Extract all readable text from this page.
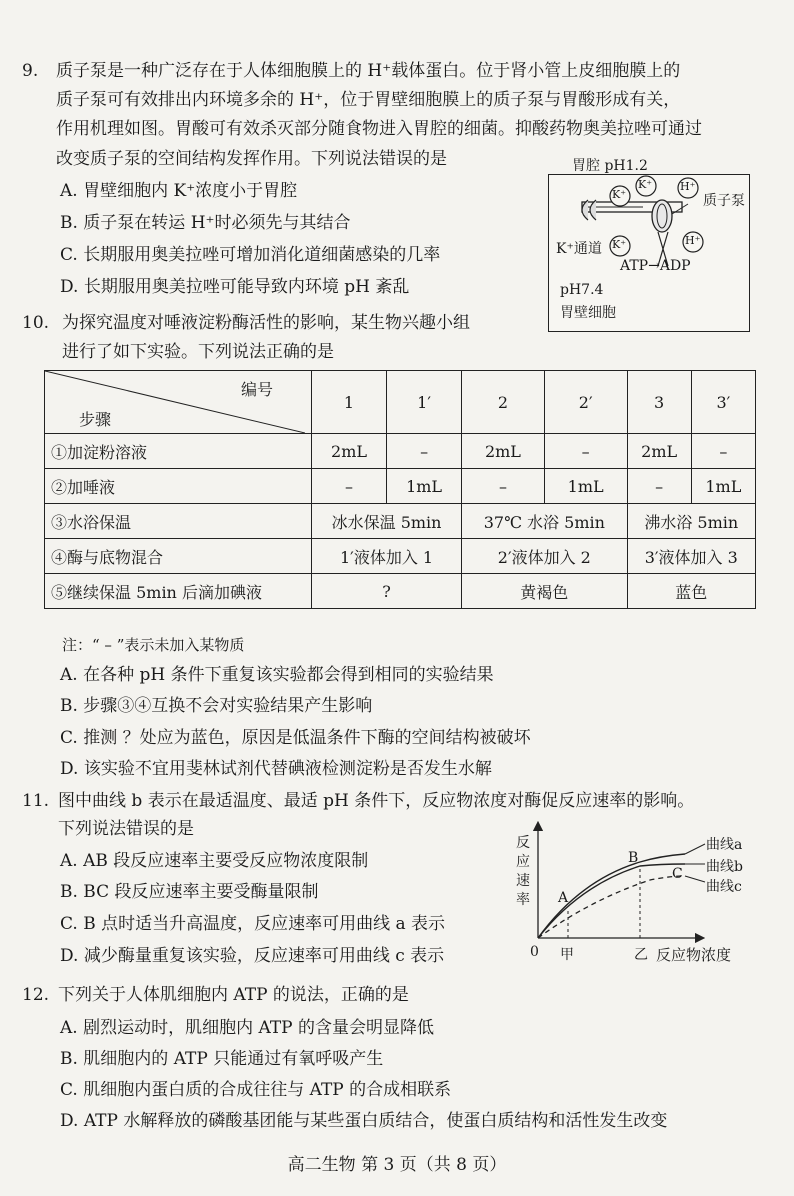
9. 质子泵是一种广泛存在于人体细胞膜上的 H⁺载体蛋白。位于肾小管上皮细胞膜上的
质子泵可有效排出内环境多余的 H⁺，位于胃壁细胞膜上的质子泵与胃酸形成有关，
作用机理如图。胃酸可有效杀灭部分随食物进入胃腔的细菌。抑酸药物奥美拉唑可通过
改变质子泵的空间结构发挥作用。下列说法错误的是
A. 胃壁细胞内 K⁺浓度小于胃腔
B. 质子泵在转运 H⁺时必须先与其结合
C. 长期服用奥美拉唑可增加消化道细菌感染的几率
D. 长期服用奥美拉唑可能导致内环境 pH 紊乱
胃腔 pH1.2
K⁺
K⁺	H⁺
K⁺	H⁺
质子泵
K⁺通道
ATP→ADP
pH7.4
胃壁细胞
10. 为探究温度对唾液淀粉酶活性的影响，某生物兴趣小组
进行了如下实验。下列说法正确的是
编号
步骤	1	1′	2	2′	3	3′
①加淀粉溶液	2mL	–	2mL	–	2mL	–
②加唾液	–	1mL	–	1mL	–	1mL
③水浴保温	冰水保温 5min		37℃ 水浴 5min		沸水浴 5min	
④酶与底物混合	1′液体加入 1		2′液体加入 2		3′液体加入 3	
⑤继续保温 5min 后滴加碘液	?		黄褐色		蓝色	
注：“ – ”表示未加入某物质
A. 在各种 pH 条件下重复该实验都会得到相同的实验结果
B. 步骤③④互换不会对实验结果产生影响
C. 推测 ？处应为蓝色，原因是低温条件下酶的空间结构被破坏
D. 该实验不宜用斐林试剂代替碘液检测淀粉是否发生水解
11. 图中曲线 b 表示在最适温度、最适 pH 条件下，反应物浓度对酶促反应速率的影响。
下列说法错误的是
A. AB 段反应速率主要受反应物浓度限制
B. BC 段反应速率主要受酶量限制
C. B 点时适当升高温度，反应速率可用曲线 a 表示
D. 减少酶量重复该实验，反应速率可用曲线 c 表示
反
应
速
率
0 甲	乙 反应物浓度
A
B
C
曲线a
曲线b
曲线c
12. 下列关于人体肌细胞内 ATP 的说法，正确的是
A. 剧烈运动时，肌细胞内 ATP 的含量会明显降低
B. 肌细胞内的 ATP 只能通过有氧呼吸产生
C. 肌细胞内蛋白质的合成往往与 ATP 的合成相联系
D. ATP 水解释放的磷酸基团能与某些蛋白质结合，使蛋白质结构和活性发生改变
高二生物 第 3 页（共 8 页）
